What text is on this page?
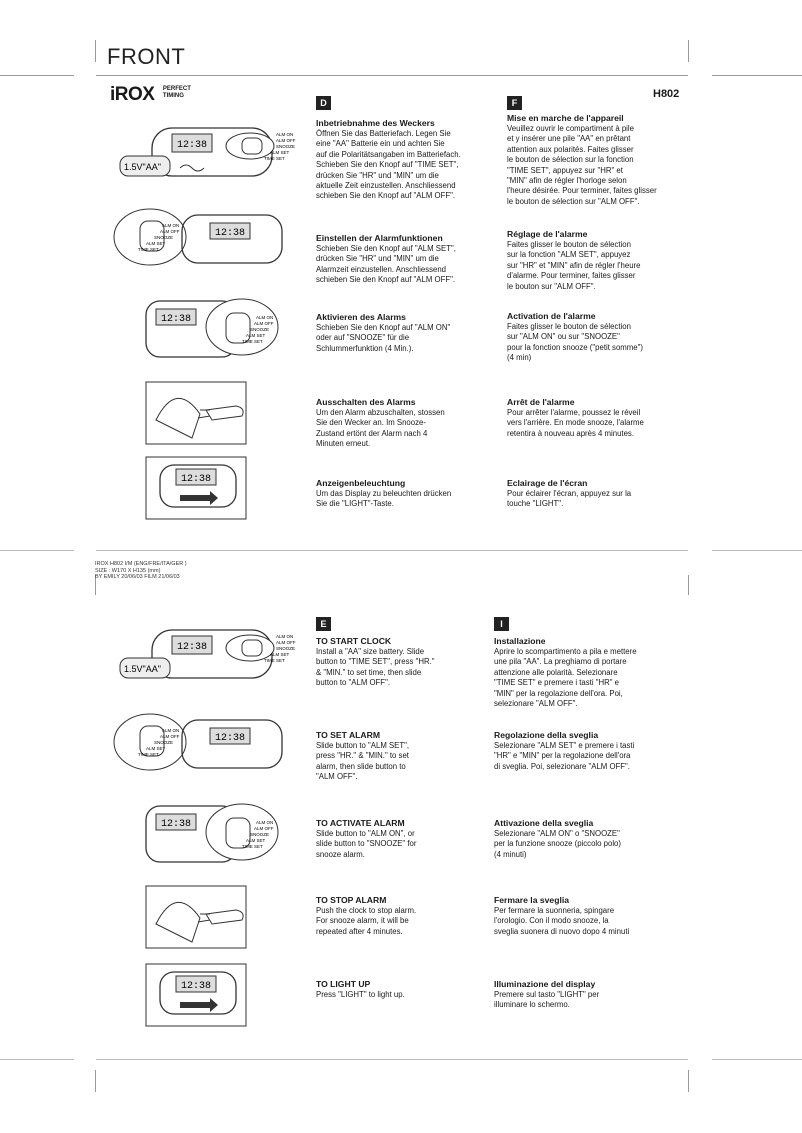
FRONT
H802
iROX PERFECT
TIMING
12:38
1.5V"AA"
ALM ON
ALM OFF
SNOOZE
ALM SET
TIME SET
12:38
ALM ON
ALM OFF
SNOOZE
ALM SET
TIME SET
12:38	ALM ON
ALM OFF
SNOOZE
ALM SET
TIME SET
12:38
D
Inbetriebnahme des Weckers

Öffnen Sie das Batteriefach. Legen Sie
eine "AA" Batterie ein und achten Sie
auf die Polaritätsangaben im Batteriefach.
Schieben Sie den Knopf auf "TIME SET",
drücken Sie "HR" und "MIN" um die
aktuelle Zeit einzustellen. Anschliessend
schieben Sie den Knopf auf "ALM OFF".

Einstellen der Alarmfunktionen

Schieben Sie den Knopf auf "ALM SET",
drücken Sie "HR" und "MIN" um die
Alarmzeit einzustellen. Anschliessend
schieben Sie den Knopf auf "ALM OFF".

Aktivieren des Alarms

Schieben Sie den Knopf auf "ALM ON"
oder auf "SNOOZE" für die
Schlummerfunktion (4 Min.).

Ausschalten des Alarms

Um den Alarm abzuschalten, stossen
Sie den Wecker an. Im Snooze-
Zustand ertönt der Alarm nach 4
Minuten erneut.

Anzeigenbeleuchtung

Um das Display zu beleuchten drücken
Sie die "LIGHT"-Taste.

F
Mise en marche de l'appareil

Veuillez ouvrir le compartiment à pile
et y insérer une pile "AA" en prêtant
attention aux polarités. Faites glisser
le bouton de sélection sur la fonction
"TIME SET", appuyez sur "HR" et
"MIN" afin de régler l'horloge selon
l'heure désirée. Pour terminer, faites glisser
le bouton de sélection sur "ALM OFF".

Réglage de l'alarme

Faites glisser le bouton de sélection
sur la fonction "ALM SET", appuyez
sur "HR" et "MIN" afin de régler l'heure
d'alarme. Pour terminer, faites glisser
le bouton sur "ALM OFF".

Activation de l'alarme

Faites glisser le bouton de sélection
sur "ALM ON" ou sur "SNOOZE"
pour la fonction snooze ("petit somme")
(4 min)

Arrêt de l'alarme

Pour arrêter l'alarme, poussez le réveil
vers l'arrière. En mode snooze, l'alarme
retentira à nouveau après 4 minutes.

Eclairage de l'écran

Pour éclairer l'écran, appuyez sur la
touche "LIGHT".

IROX H802 I/M (ENG/FRE/ITA/GER )

SIZE : W170 X H135 (mm)

BY EMILY 20/06/03 FILM 21/06/03

12:38
1.5V"AA"
ALM ON
ALM OFF
SNOOZE
ALM SET
TIME SET
12:38
ALM ON
ALM OFF
SNOOZE
ALM SET
TIME SET
12:38	ALM ON
ALM OFF
SNOOZE
ALM SET
TIME SET
12:38
E
TO START CLOCK

Install a "AA" size battery. Slide
button to "TIME SET", press "HR."
& "MIN." to set time, then slide
button to "ALM OFF".

TO SET ALARM

Slide button to "ALM SET",
press "HR." & "MIN." to set
alarm, then slide button to
"ALM OFF".

TO ACTIVATE ALARM

Slide button to "ALM ON", or
slide button to "SNOOZE" for
snooze alarm.

TO STOP ALARM

Push the clock to stop alarm.
For snooze alarm, it will be
repeated after 4 minutes.

TO LIGHT UP

Press "LIGHT" to light up.

I
Installazione

Aprire lo scompartimento a pila e mettere
une pila "AA". La preghiamo di portare
attenzione alle polarità. Selezionare
"TIME SET" e premere i tasti "HR" e
"MIN" per la regolazione dell'ora. Poi,
selezionare "ALM OFF".

Regolazione della sveglia

Selezionare "ALM SET" e premere i tasti
"HR" e "MIN" per la regolazione dell'ora
di sveglia. Poi, selezionare "ALM OFF".

Attivazione della sveglia

Selezionare "ALM ON" o "SNOOZE"
per la funzione snooze (piccolo polo)
(4 minuti)

Fermare la sveglia

Per fermare la suonneria, spingare
l'orologio. Con il modo snooze, la
sveglia suonera di nuovo dopo 4 minuti

Illuminazione del display

Premere sul tasto "LIGHT" per
illuminare lo schermo.
